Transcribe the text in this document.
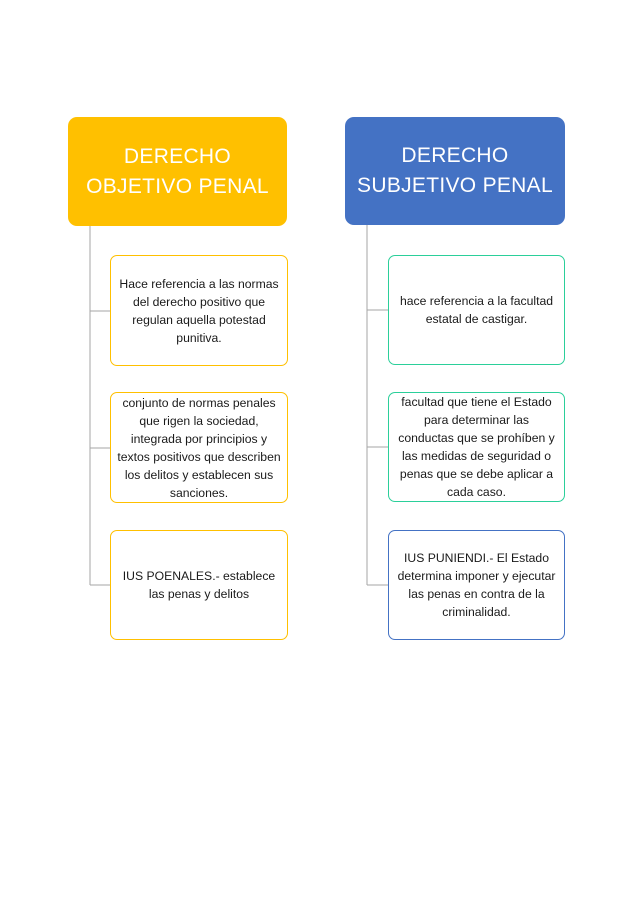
DERECHO
OBJETIVO PENAL
DERECHO
SUBJETIVO PENAL
Hace referencia a las normas del derecho positivo que regulan aquella potestad punitiva.
conjunto de normas penales que rigen la sociedad, integrada por principios y textos positivos que describen los delitos y establecen sus sanciones.
IUS POENALES.- establece las penas y delitos
hace referencia a la facultad estatal de castigar.
facultad que tiene el Estado para determinar las conductas que se prohíben y las medidas de seguridad o penas que se debe aplicar a cada caso.
IUS PUNIENDI.- El Estado determina imponer y ejecutar las penas en contra de la criminalidad.
